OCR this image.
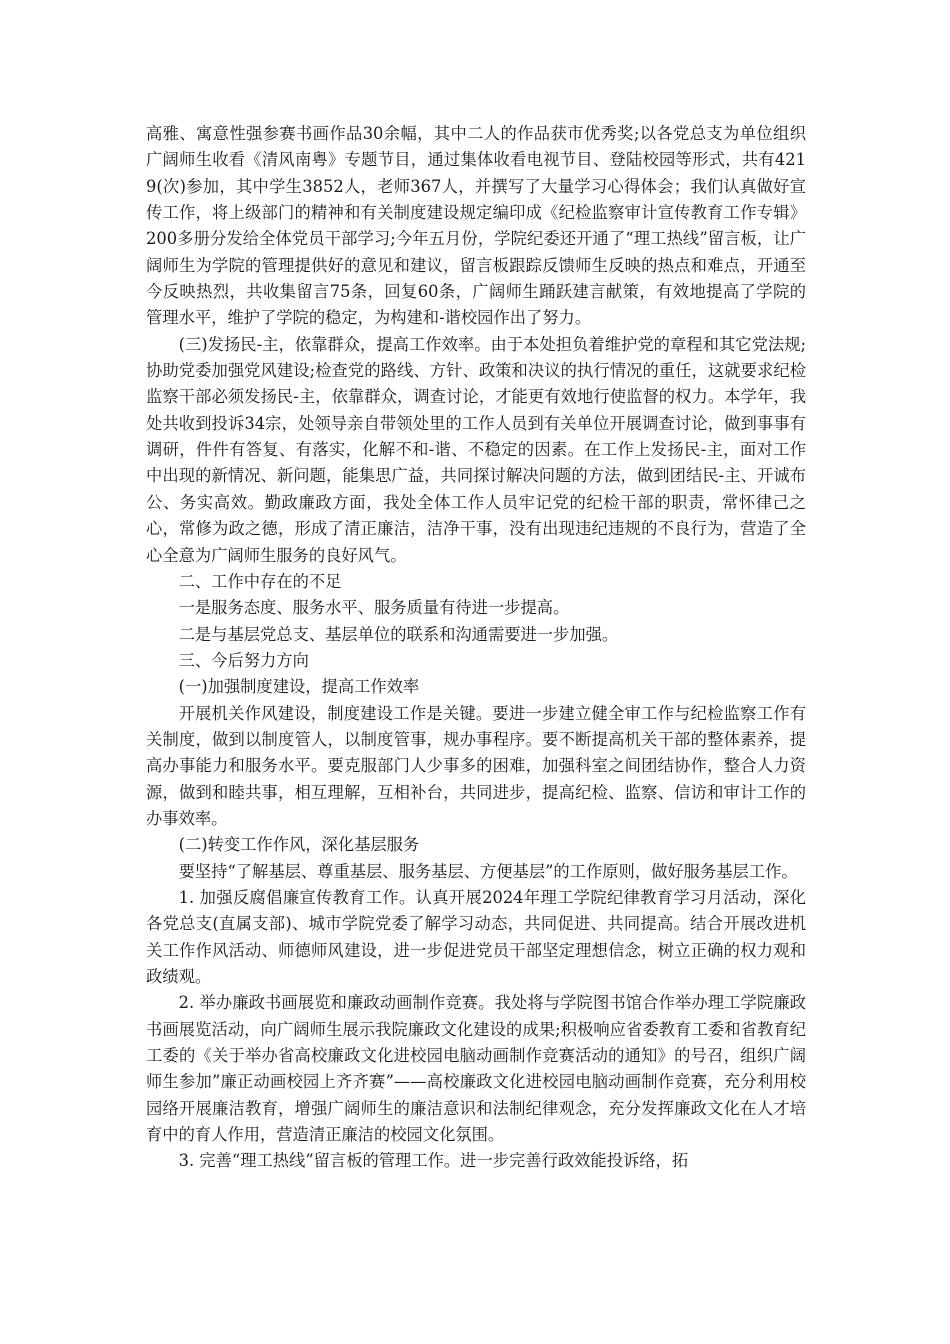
高雅、寓意性强参赛书画作品30余幅，其中二人的作品获市优秀奖;以各党总支为单位组织广阔师生收看《清风南粤》专题节目，通过集体收看电视节目、登陆校园等形式，共有4219(次)参加，其中学生3852人，老师367人，并撰写了大量学习心得体会；我们认真做好宣传工作，将上级部门的精神和有关制度建设规定编印成《纪检监察审计宣传教育工作专辑》200多册分发给全体党员干部学习;今年五月份，学院纪委还开通了“理工热线”留言板，让广阔师生为学院的管理提供好的意见和建议，留言板跟踪反馈师生反映的热点和难点，开通至今反映热烈，共收集留言75条，回复60条，广阔师生踊跃建言献策，有效地提高了学院的管理水平，维护了学院的稳定，为构建和-谐校园作出了努力。

(三)发扬民-主，依靠群众，提高工作效率。由于本处担负着维护党的章程和其它党法规;协助党委加强党风建设;检查党的路线、方针、政策和决议的执行情况的重任，这就要求纪检监察干部必须发扬民-主，依靠群众，调查讨论，才能更有效地行使监督的权力。本学年，我处共收到投诉34宗，处领导亲自带领处里的工作人员到有关单位开展调查讨论，做到事事有调研，件件有答复、有落实，化解不和-谐、不稳定的因素。在工作上发扬民-主，面对工作中出现的新情况、新问题，能集思广益，共同探讨解决问题的方法，做到团结民-主、开诚布公、务实高效。勤政廉政方面，我处全体工作人员牢记党的纪检干部的职责，常怀律己之心，常修为政之德，形成了清正廉洁，洁净干事，没有出现违纪违规的不良行为，营造了全心全意为广阔师生服务的良好风气。

二、工作中存在的不足

一是服务态度、服务水平、服务质量有待进一步提高。

二是与基层党总支、基层单位的联系和沟通需要进一步加强。

三、今后努力方向

(一)加强制度建设，提高工作效率

开展机关作风建设，制度建设工作是关键。要进一步建立健全审工作与纪检监察工作有关制度，做到以制度管人，以制度管事，规办事程序。要不断提高机关干部的整体素养，提高办事能力和服务水平。要克服部门人少事多的困难，加强科室之间团结协作，整合人力资源，做到和睦共事，相互理解，互相补台，共同进步，提高纪检、监察、信访和审计工作的办事效率。

(二)转变工作作风，深化基层服务

要坚持“了解基层、尊重基层、服务基层、方便基层”的工作原则，做好服务基层工作。

1. 加强反腐倡廉宣传教育工作。认真开展2024年理工学院纪律教育学习月活动，深化各党总支(直属支部)、城市学院党委了解学习动态，共同促进、共同提高。结合开展改进机关工作作风活动、师德师风建设，进一步促进党员干部坚定理想信念，树立正确的权力观和政绩观。

2. 举办廉政书画展览和廉政动画制作竞赛。我处将与学院图书馆合作举办理工学院廉政书画展览活动，向广阔师生展示我院廉政文化建设的成果;积极响应省委教育工委和省教育纪工委的《关于举办省高校廉政文化进校园电脑动画制作竞赛活动的通知》的号召，组织广阔师生参加”廉正动画校园上齐齐赛”——高校廉政文化进校园电脑动画制作竞赛，充分利用校园络开展廉洁教育，增强广阔师生的廉洁意识和法制纪律观念，充分发挥廉政文化在人才培育中的育人作用，营造清正廉洁的校园文化氛围。

3. 完善“理工热线”留言板的管理工作。进一步完善行政效能投诉络，拓
